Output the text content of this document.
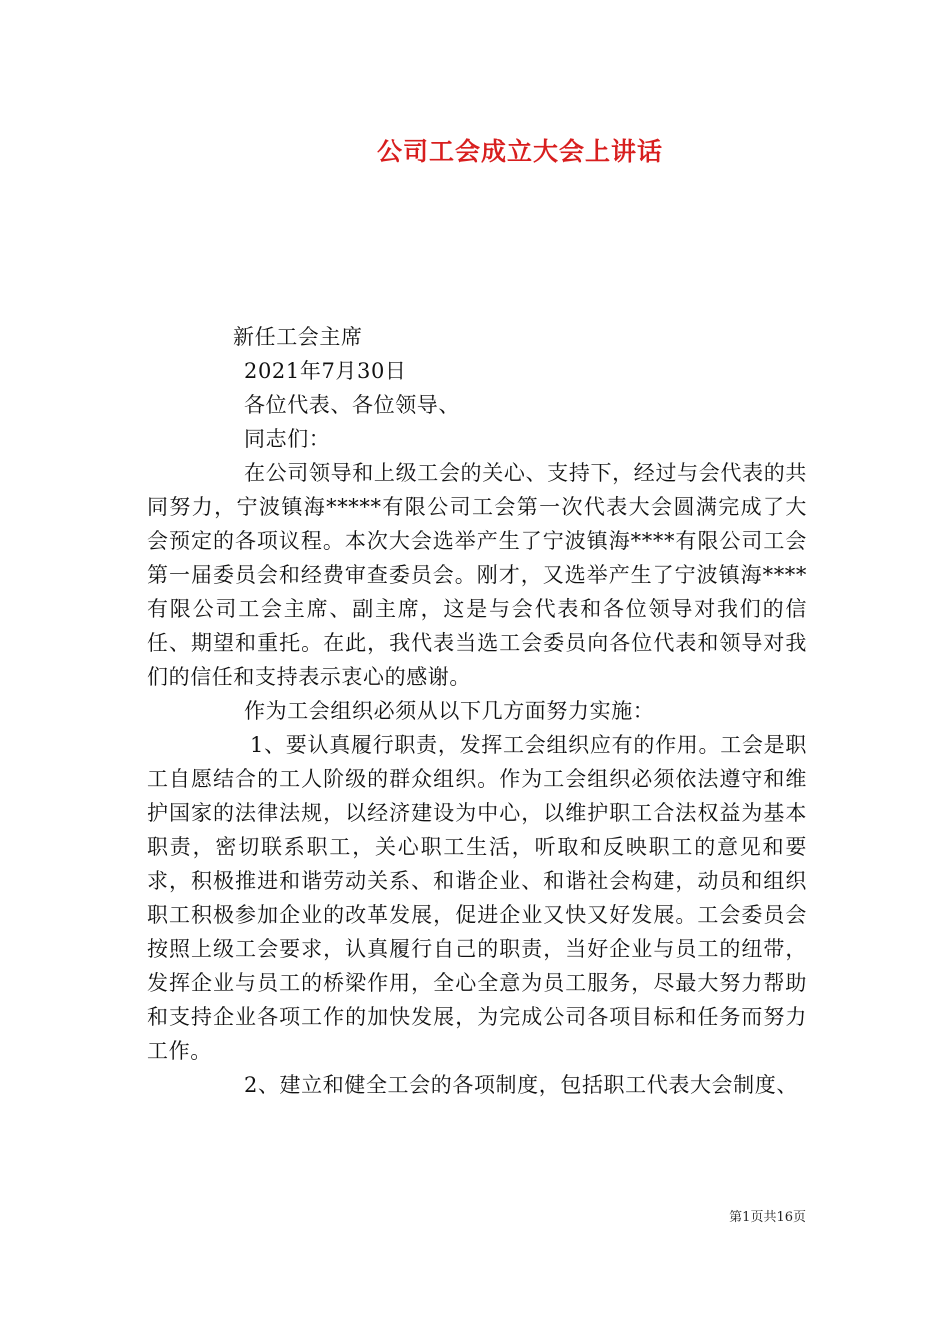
公司工会成立大会上讲话

新任工会主席

2021年7月30日

各位代表、各位领导、

同志们：

在公司领导和上级工会的关心、支持下，经过与会代表的共同努力，宁波镇海*****有限公司工会第一次代表大会圆满完成了大会预定的各项议程。本次大会选举产生了宁波镇海****有限公司工会第一届委员会和经费审查委员会。刚才，又选举产生了宁波镇海****有限公司工会主席、副主席，这是与会代表和各位领导对我们的信任、期望和重托。在此，我代表当选工会委员向各位代表和领导对我们的信任和支持表示衷心的感谢。

作为工会组织必须从以下几方面努力实施：

1、要认真履行职责，发挥工会组织应有的作用。工会是职工自愿结合的工人阶级的群众组织。作为工会组织必须依法遵守和维护国家的法律法规，以经济建设为中心，以维护职工合法权益为基本职责，密切联系职工，关心职工生活，听取和反映职工的意见和要求，积极推进和谐劳动关系、和谐企业、和谐社会构建，动员和组织职工积极参加企业的改革发展，促进企业又快又好发展。工会委员会按照上级工会要求，认真履行自己的职责，当好企业与员工的纽带，发挥企业与员工的桥梁作用，全心全意为员工服务，尽最大努力帮助和支持企业各项工作的加快发展，为完成公司各项目标和任务而努力工作。

2、建立和健全工会的各项制度，包括职工代表大会制度、

第1页共16页
